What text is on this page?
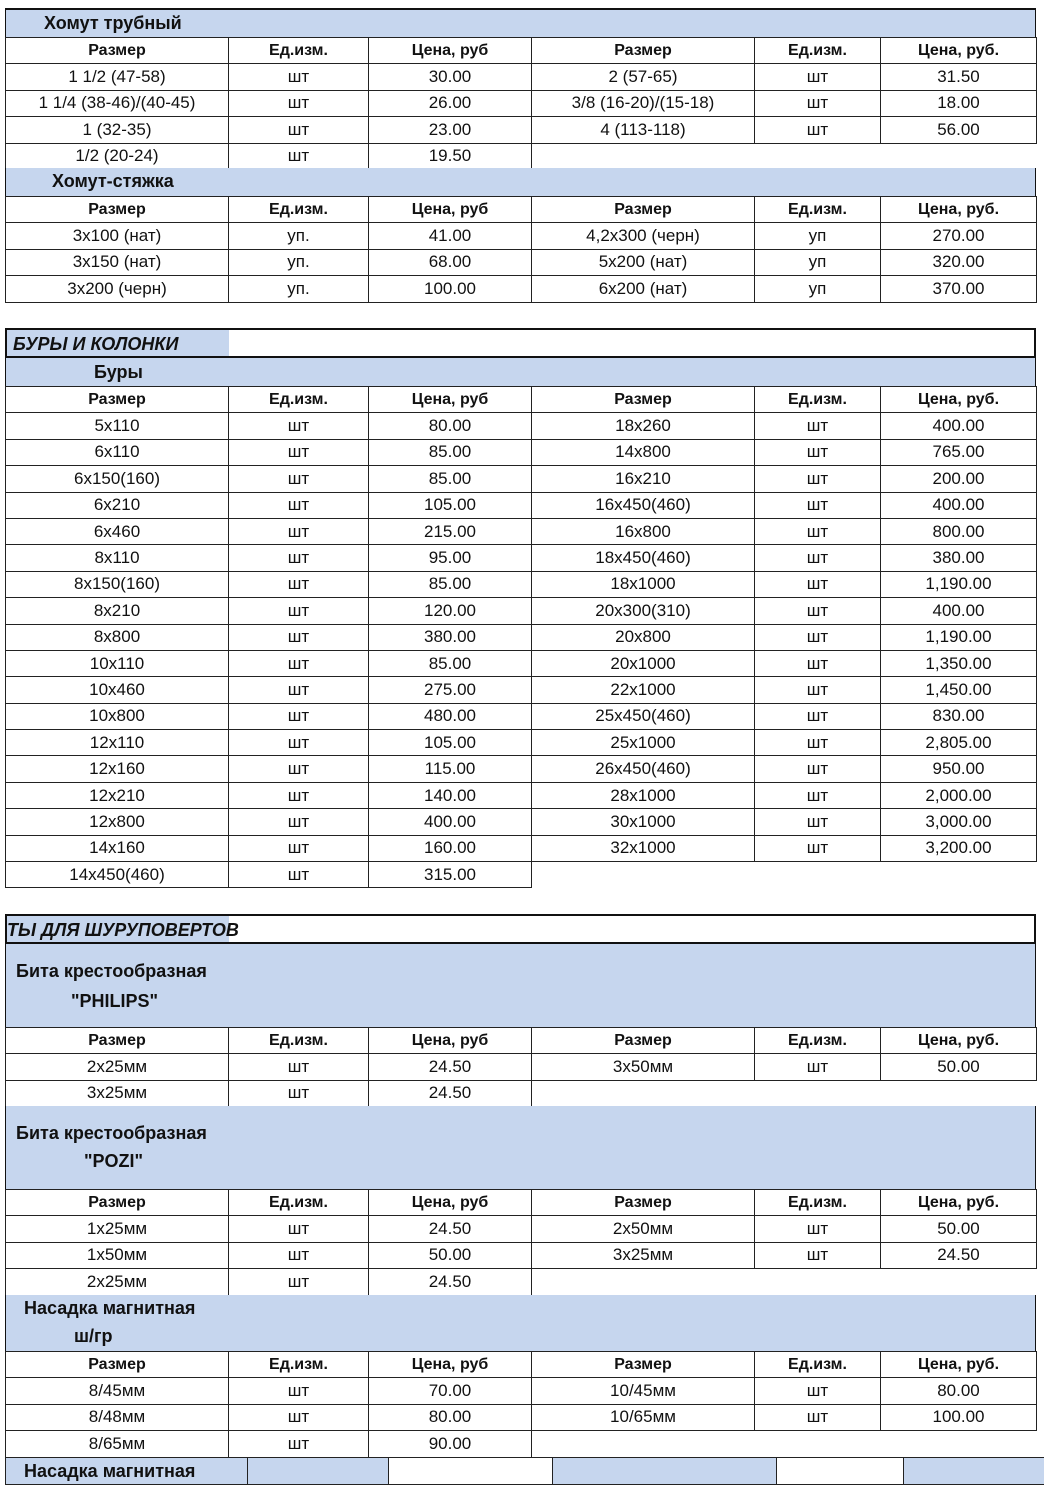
Хомут трубный
Размер	Ед.изм.	Цена, руб	Размер	Ед.изм.	Цена, руб.
1 1/2 (47-58)	шт	30.00	2 (57-65)	шт	31.50
1 1/4 (38-46)/(40-45)	шт	26.00	3/8 (16-20)/(15-18)	шт	18.00
1 (32-35)	шт	23.00	4 (113-118)	шт	56.00
1/2 (20-24)	шт	19.50			
Хомут-стяжка
Размер	Ед.изм.	Цена, руб	Размер	Ед.изм.	Цена, руб.
3х100 (нат)	уп.	41.00	4,2х300 (черн)	уп	270.00
3х150 (нат)	уп.	68.00	5х200 (нат)	уп	320.00
3х200 (черн)	уп.	100.00	6х200 (нат)	уп	370.00
БУРЫ И КОЛОНКИ
Буры
Размер	Ед.изм.	Цена, руб	Размер	Ед.изм.	Цена, руб.
5х110	шт	80.00	18х260	шт	400.00
6х110	шт	85.00	14х800	шт	765.00
6х150(160)	шт	85.00	16х210	шт	200.00
6х210	шт	105.00	16х450(460)	шт	400.00
6х460	шт	215.00	16х800	шт	800.00
8х110	шт	95.00	18х450(460)	шт	380.00
8х150(160)	шт	85.00	18х1000	шт	1,190.00
8х210	шт	120.00	20х300(310)	шт	400.00
8х800	шт	380.00	20х800	шт	1,190.00
10х110	шт	85.00	20х1000	шт	1,350.00
10х460	шт	275.00	22х1000	шт	1,450.00
10х800	шт	480.00	25х450(460)	шт	830.00
12х110	шт	105.00	25х1000	шт	2,805.00
12х160	шт	115.00	26х450(460)	шт	950.00
12х210	шт	140.00	28х1000	шт	2,000.00
12х800	шт	400.00	30х1000	шт	3,000.00
14х160	шт	160.00	32х1000	шт	3,200.00
14х450(460)	шт	315.00			
ТЫ ДЛЯ ШУРУПОВЕРТОВ
Бита крестообразная
"PHILIPS"
Размер	Ед.изм.	Цена, руб	Размер	Ед.изм.	Цена, руб.
2х25мм	шт	24.50	3х50мм	шт	50.00
3х25мм	шт	24.50			
Бита крестообразная
"POZI"
Размер	Ед.изм.	Цена, руб	Размер	Ед.изм.	Цена, руб.
1х25мм	шт	24.50	2х50мм	шт	50.00
1х50мм	шт	50.00	3х25мм	шт	24.50
2х25мм	шт	24.50			
Насадка магнитная
ш/гр
Размер	Ед.изм.	Цена, руб	Размер	Ед.изм.	Цена, руб.
8/45мм	шт	70.00	10/45мм	шт	80.00
8/48мм	шт	80.00	10/65мм	шт	100.00
8/65мм	шт	90.00			
Насадка магнитная					
